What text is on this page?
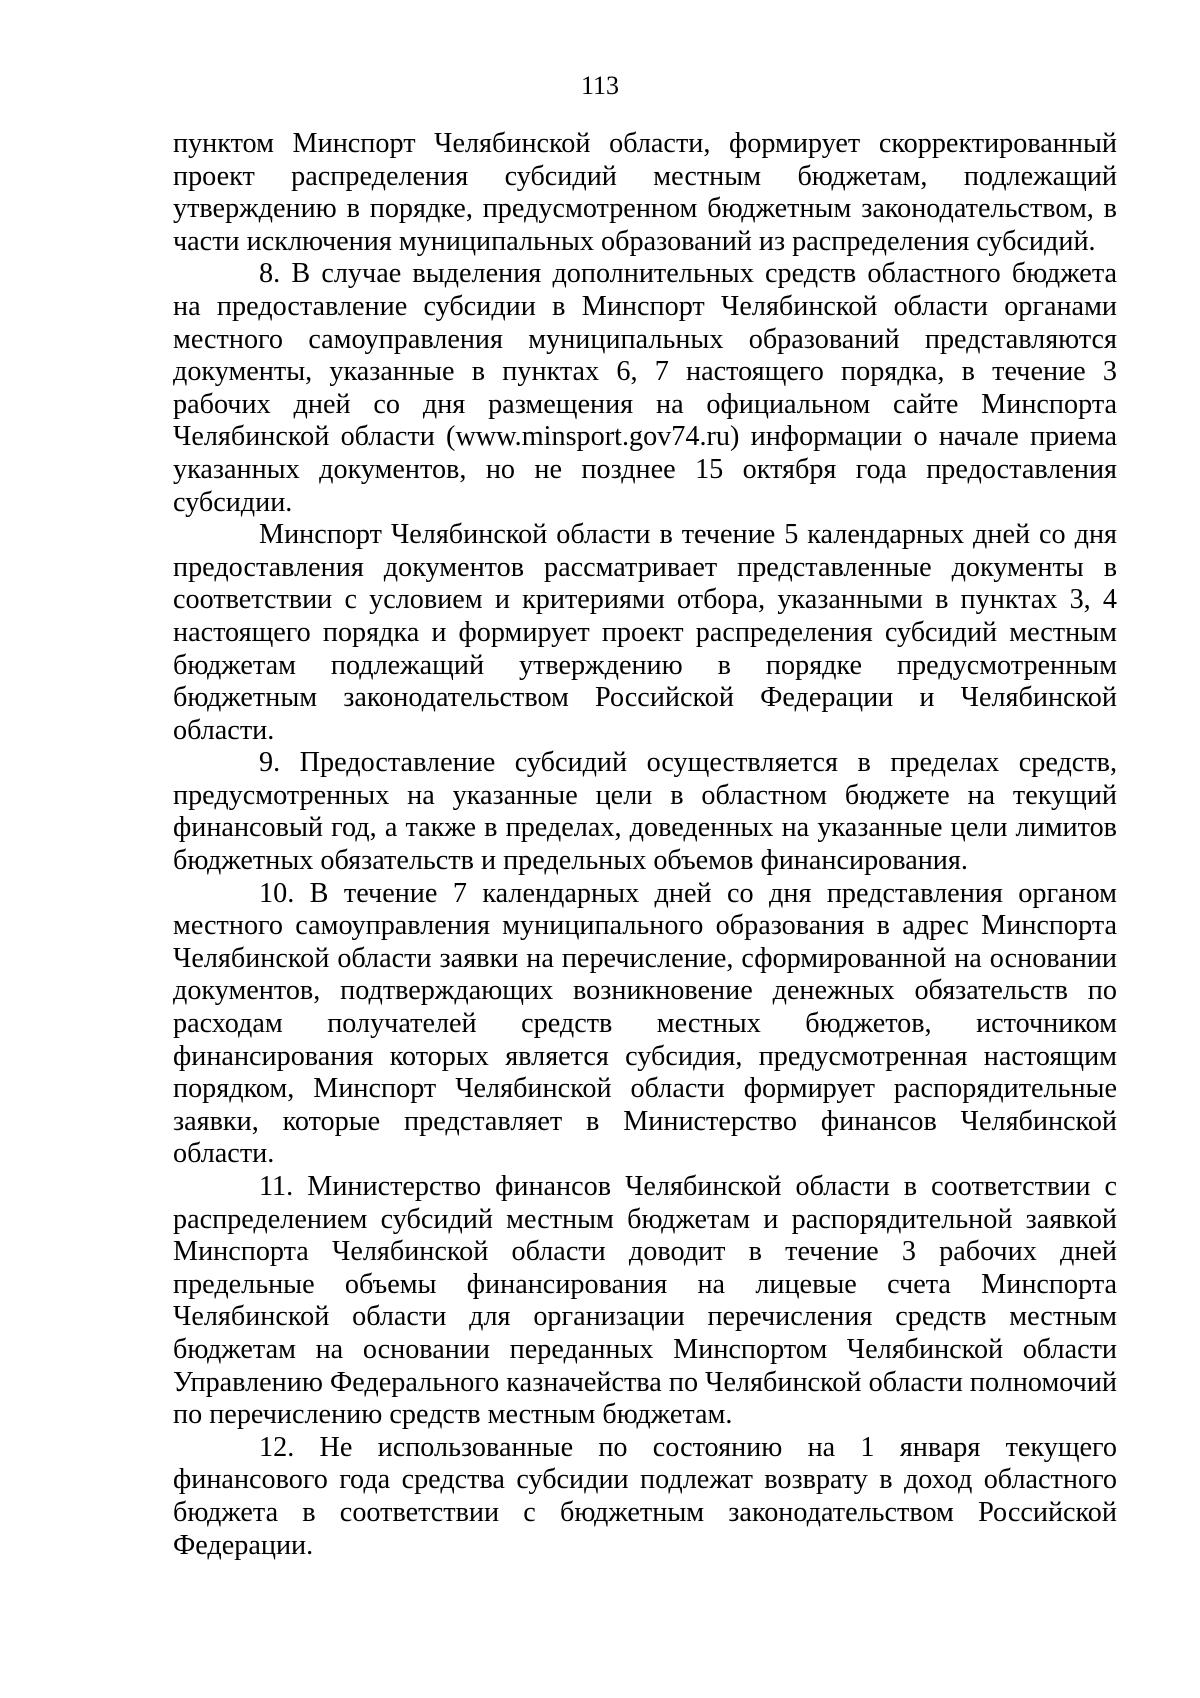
113

пунктом Минспорт Челябинской области, формирует скорректированный проект распределения субсидий местным бюджетам, подлежащий утверждению в порядке, предусмотренном бюджетным законодательством, в части исключения муниципальных образований из распределения субсидий.

8. В случае выделения дополнительных средств областного бюджета на предоставление субсидии в Минспорт Челябинской области органами местного самоуправления муниципальных образований представляются документы, указанные в пунктах 6, 7 настоящего порядка, в течение 3 рабочих дней со дня размещения на официальном сайте Минспорта Челябинской области (www.minsport.gov74.ru) информации о начале приема указанных документов, но не позднее 15 октября года предоставления субсидии.

Минспорт Челябинской области в течение 5 календарных дней со дня предоставления документов рассматривает представленные документы в соответствии с условием и критериями отбора, указанными в пунктах 3, 4 настоящего порядка и формирует проект распределения субсидий местным бюджетам подлежащий утверждению в порядке предусмотренным бюджетным законодательством Российской Федерации и Челябинской области.

9. Предоставление субсидий осуществляется в пределах средств, предусмотренных на указанные цели в областном бюджете на текущий финансовый год, а также в пределах, доведенных на указанные цели лимитов бюджетных обязательств и предельных объемов финансирования.

10. В течение 7 календарных дней со дня представления органом местного самоуправления муниципального образования в адрес Минспорта Челябинской области заявки на перечисление, сформированной на основании документов, подтверждающих возникновение денежных обязательств по расходам получателей средств местных бюджетов, источником финансирования которых является субсидия, предусмотренная настоящим порядком, Минспорт Челябинской области формирует распорядительные заявки, которые представляет в Министерство финансов Челябинской области.

11. Министерство финансов Челябинской области в соответствии с распределением субсидий местным бюджетам и распорядительной заявкой Минспорта Челябинской области доводит в течение 3 рабочих дней предельные объемы финансирования на лицевые счета Минспорта Челябинской области для организации перечисления средств местным бюджетам на основании переданных Минспортом Челябинской области Управлению Федерального казначейства по Челябинской области полномочий по перечислению средств местным бюджетам.

12. Не использованные по состоянию на 1 января текущего финансового года средства субсидии подлежат возврату в доход областного бюджета в соответствии с бюджетным законодательством Российской Федерации.
